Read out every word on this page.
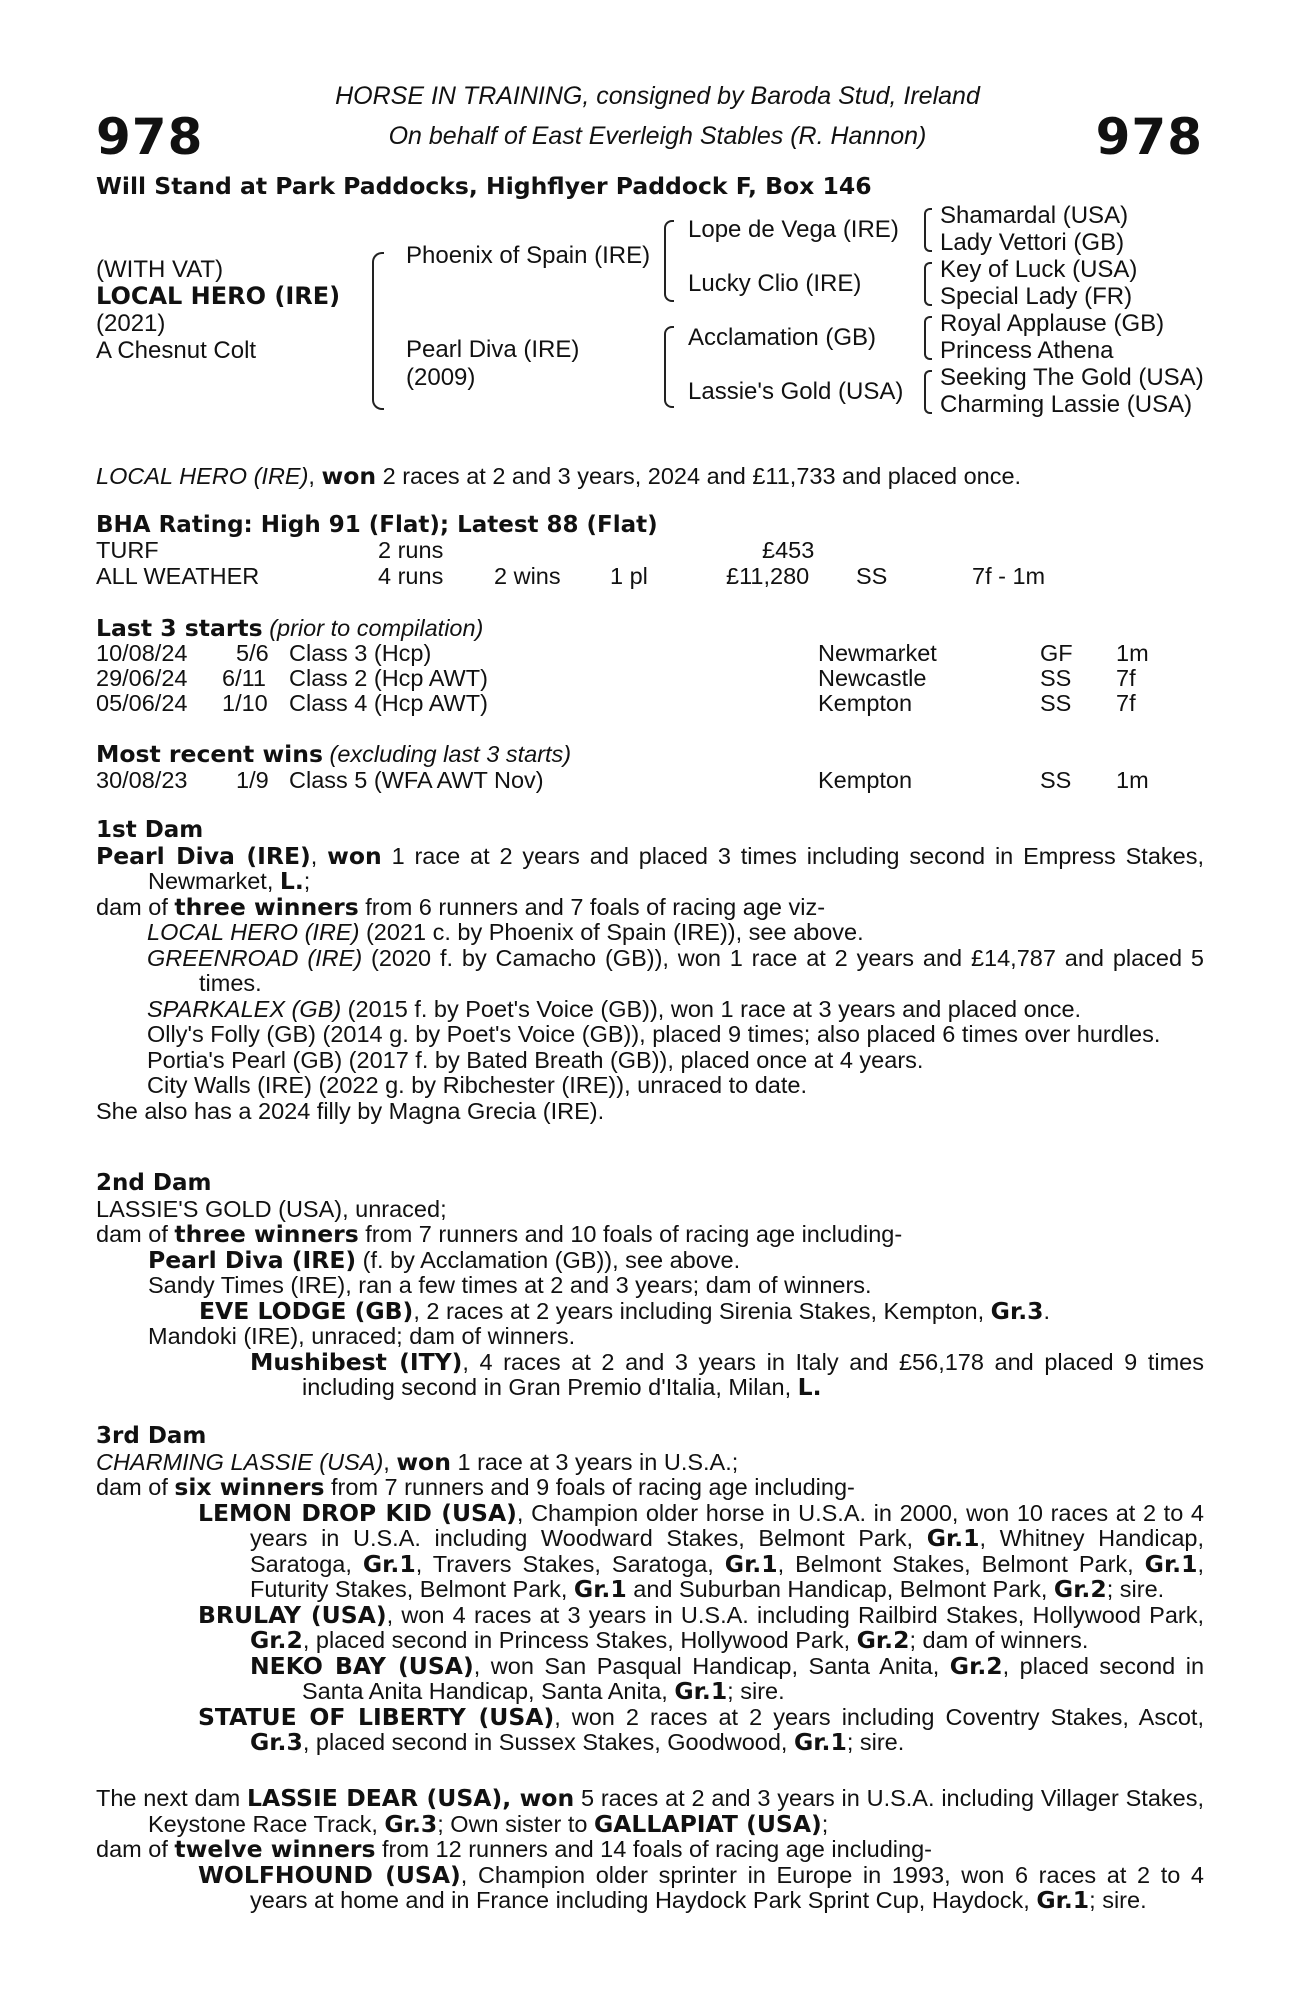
978	978
HORSE IN TRAINING, consigned by Baroda Stud, Ireland
On behalf of East Everleigh Stables (R. Hannon)
Will Stand at Park Paddocks, Highflyer Paddock F, Box 146
(WITH VAT)
LOCAL HERO (IRE)
(2021)
A Chesnut Colt
Phoenix of Spain (IRE)
Pearl Diva (IRE)
(2009)
Lope de Vega (IRE)
Lucky Clio (IRE)
Acclamation (GB)
Lassie's Gold (USA)
Shamardal (USA)
Lady Vettori (GB)
Key of Luck (USA)
Special Lady (FR)
Royal Applause (GB)
Princess Athena
Seeking The Gold (USA)
Charming Lassie (USA)
LOCAL HERO (IRE), won 2 races at 2 and 3 years, 2024 and £11,733 and placed once.
BHA Rating: High 91 (Flat); Latest 88 (Flat)
TURF	2 runs	£453
ALL WEATHER	4 runs 2 wins 1 pl	£11,280 SS	7f - 1m
Last 3 starts (prior to compilation)
10/08/24 5/6 Class 3 (Hcp)	Newmarket	GF 1m
29/06/24 6/11 Class 2 (Hcp AWT)	Newcastle	SS 7f
05/06/24 1/10 Class 4 (Hcp AWT)	Kempton	SS 7f
Most recent wins (excluding last 3 starts)
30/08/23 1/9 Class 5 (WFA AWT Nov)	Kempton	SS 1m
1st Dam
Pearl Diva (IRE), won 1 race at 2 years and placed 3 times including second in Empress Stakes, Newmarket, L.;
dam of three winners from 6 runners and 7 foals of racing age viz-
LOCAL HERO (IRE) (2021 c. by Phoenix of Spain (IRE)), see above.
GREENROAD (IRE) (2020 f. by Camacho (GB)), won 1 race at 2 years and £14,787 and placed 5 times.
SPARKALEX (GB) (2015 f. by Poet's Voice (GB)), won 1 race at 3 years and placed once.
Olly's Folly (GB) (2014 g. by Poet's Voice (GB)), placed 9 times; also placed 6 times over hurdles.
Portia's Pearl (GB) (2017 f. by Bated Breath (GB)), placed once at 4 years.
City Walls (IRE) (2022 g. by Ribchester (IRE)), unraced to date.
She also has a 2024 filly by Magna Grecia (IRE).
2nd Dam
LASSIE'S GOLD (USA), unraced;
dam of three winners from 7 runners and 10 foals of racing age including-
Pearl Diva (IRE) (f. by Acclamation (GB)), see above.
Sandy Times (IRE), ran a few times at 2 and 3 years; dam of winners.
EVE LODGE (GB), 2 races at 2 years including Sirenia Stakes, Kempton, Gr.3.
Mandoki (IRE), unraced; dam of winners.
Mushibest (ITY), 4 races at 2 and 3 years in Italy and £56,178 and placed 9 times including second in Gran Premio d'Italia, Milan, L.
3rd Dam
CHARMING LASSIE (USA), won 1 race at 3 years in U.S.A.;
dam of six winners from 7 runners and 9 foals of racing age including-
LEMON DROP KID (USA), Champion older horse in U.S.A. in 2000, won 10 races at 2 to 4 years in U.S.A. including Woodward Stakes, Belmont Park, Gr.1, Whitney Handicap, Saratoga, Gr.1, Travers Stakes, Saratoga, Gr.1, Belmont Stakes, Belmont Park, Gr.1, Futurity Stakes, Belmont Park, Gr.1 and Suburban Handicap, Belmont Park, Gr.2; sire.
BRULAY (USA), won 4 races at 3 years in U.S.A. including Railbird Stakes, Hollywood Park, Gr.2, placed second in Princess Stakes, Hollywood Park, Gr.2; dam of winners.
NEKO BAY (USA), won San Pasqual Handicap, Santa Anita, Gr.2, placed second in Santa Anita Handicap, Santa Anita, Gr.1; sire.
STATUE OF LIBERTY (USA), won 2 races at 2 years including Coventry Stakes, Ascot, Gr.3, placed second in Sussex Stakes, Goodwood, Gr.1; sire.
The next dam LASSIE DEAR (USA), won 5 races at 2 and 3 years in U.S.A. including Villager Stakes, Keystone Race Track, Gr.3; Own sister to GALLAPIAT (USA);
dam of twelve winners from 12 runners and 14 foals of racing age including-
WOLFHOUND (USA), Champion older sprinter in Europe in 1993, won 6 races at 2 to 4 years at home and in France including Haydock Park Sprint Cup, Haydock, Gr.1; sire.
